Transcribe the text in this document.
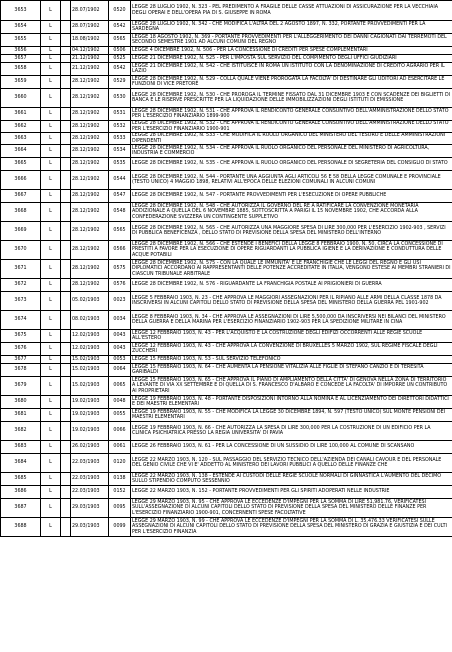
3653	L		28.07/1902	0520	LEGGE 28 LUGLIO 1902, N. 323 - PEL PREDIMENTO A FRAGILE DELLE CASSE ATTUAZIONI DI ASSICURAZIONE PER LA VECCHIAIA DEGLI OPERAI E DELL'OPERA PIA DI S. GIUSEPPE IN ROMA
3654	L		28.07/1902	0542	LEGGE 28 LUGLIO 1902, N. 342 - CHE MODIFICA L'ALTRA DEL 2 AGOSTO 1897, N. 332, PORTANTE PROVVEDIMENTI PER LA SARDEGNA
3655	L		18.08/1902	0565	LEGGE 18 AGOSTO 1902, N. 369 - PORTANTE PROVVEDIMENTI PER L'ALLEGGERIMENTO DEI DANNI CAGIONATI DAI TERREMOTI DEL SECONDO SEMESTRE 1901 AD ALCUNI COMUNI DEL REGNO
3656	L		04.12/1902	0506	LEGGE 4 DICEMBRE 1902, N. 506 - PER LA CONCESSIONE DI CREDITI PER SPESE COMPLEMENTARI
3657	L		21.12/1902	0525	LEGGE 21 DICEMBRE 1902, N. 525 - PER L'IMPOSTA SUL SERVIZIO DEL COMPIMENTO DEGLI UFFICI GIUDIZIARI
3658	L		21.12/1902	0542	LEGGE 21 DICEMBRE 1902, N. 542 - CHE ISTITUISCE IN ROMA UN ISTITUTO CON LA DENOMINAZIONE DI CREDITO AGRARIO PER IL LAZIO
3659	L		28.12/1902	0529	LEGGE 28 DICEMBRE 1902, N. 529 - COLLA QUALE VIENE PROROGATA LA FACOLTA' DI DESTINARE GLI UDITORI AD ESERCITARE LE FUNZIONI DI VICE PRETORE
3660	L		28.12/1902	0530	LEGGE 28 DICEMBRE 1902, N. 530 - CHE PROROGA IL TERMINE FISSATO DAL 31 DICEMBRE 1903 E CON SCADENZE DEI BIGLIETTI DI BANCA E LE RISERVE PRESCRITTE PER LA LIQUIDAZIONE DELLE IMMOBILIZZAZIONI DEGLI ISTITUTI DI EMISSIONE
3661	L		28.12/1902	0531	LEGGE 28 DICEMBRE 1902, N. 531 - CHE APPROVA IL RENDICONTO GENERALE CONSUNTIVO DELL'AMMINISTRAZIONE DELLO STATO PER L'ESERCIZIO FINANZIARIO 1899-900
3662	L		28.12/1902	0532	LEGGE 28 DICEMBRE 1902, N. 532 - CHE APPROVA IL RENDICONTO GENERALE CONSUNTIVO DELL'AMMINISTRAZIONE DELLO STATO PER L'ESERCIZIO FINANZIARIO 1900-901
3663	L		28.12/1902	0533	LEGGE 28 DICEMBRE 1902, N. 533 - CHE MODIFICA IL RUOLO ORGANICO DEL MINISTERO DEL TESORO E DELLE AMMINISTRAZIONI DIPENDENTI
3664	L		28.12/1902	0534	LEGGE 28 DICEMBRE 1902, N. 534 - CHE APPROVA IL RUOLO ORGANICO DEL PERSONALE DEL MINISTERO DI AGRICOLTURA, INDUSTRIA E COMMERCIO
3665	L		28.12/1902	0535	LEGGE 28 DICEMBRE 1902, N. 535 - CHE APPROVA IL RUOLO ORGANICO DEL PERSONALE DI SEGRETERIA DEL CONSIGLIO DI STATO
3666	L		28.12/1902	0544	LEGGE 28 DICEMBRE 1902, N. 544 - PORTANTE UNA AGGIUNTA AGLI ARTICOLI 56 E 58 DELLA LEGGE COMUNALE E PROVINCIALE (TESTO UNICO) 4 MAGGIO 1898, RELATIVI ALL'EPOCA DELLE ELEZIONI COMUNALI IN ALCUNI COMUNI
3667	L		28.12/1902	0547	LEGGE 28 DICEMBRE 1902, N. 547 - PORTANTE PROVVEDIMENTI PER L'ESECUZIONE DI OPERE PUBBLICHE
3668	L		28.12/1902	0548	LEGGE 28 DICEMBRE 1902, N. 548 - CHE AUTORIZZA IL GOVERNO DEL RE A RATIFICARE LA CONVENZIONE MONETARIA ADDIZIONALE A QUELLA DEL 6 NOVEMBRE 1885, SOTTOSCRITTA A PARIGI IL 15 NOVEMBRE 1902, CHE ACCORDA ALLA CONFEDERAZIONE SVIZZERA UN CONTINGENTE SUPPLETIVO
3669	L		28.12/1902	0565	LEGGE 28 DICEMBRE 1902, N. 565 - CHE AUTORIZZA UNA MAGGIORE SPESA DI LIRE 300,000 PER L'ESERCIZIO 1902-903 , SERVIZI DI PUBBLICA BENEFICENZA , DELLO STATO DI PREVISIONE DELLA SPESA DEL MINISTERO DELL'INTERNO
3670	L		28.12/1902	0566	LEGGE 28 DICEMBRE 1902, N. 566 - CHE ESTENDE I BENEFICI DELLA LEGGE 8 FEBBRAIO 1900, N. 50, CIRCA LA CONCESSIONE DI PRESTITI A FAVORE PER LA ESECUZIONE DI OPERE RIGUARDANTI LA PUBBLICA IGIENE E LA DERIVAZIONE E CONDUTTURA DELLE ACQUE POTABILI
3671	L		28.12/1902	0575	LEGGE 28 DICEMBRE 1902, N. 575 - CON LA QUALE LE IMMUNITA' E LE FRANCHIGIE CHE LE LEGGI DEL REGNO E GLI USI DIPLOMATICI ACCORDANO AI RAPPRESENTANTI DELLE POTENZE ACCREDITATE IN ITALIA, VENGONO ESTESE AI MEMBRI STRANIERI DI CIASCUN TRIBUNALE ARBITRALE
3672	L		28.12/1902	0576	LEGGE 28 DICEMBRE 1902, N. 576 - RIGUARDANTE LA FRANCHIGIA POSTALE AI PRIGIONIERI DI GUERRA
3673	L		05.02/1903	0023	LEGGE 5 FEBBRAIO 1903, N. 23 - CHE APPROVA LE MAGGIORI ASSEGNAZIONI PER IL RIPIANO ALLE ARMI DELLA CLASSE 1878 DA INSCRIVERSI IN ALCUNI CAPITOLI DELLO STATO DI PREVISIONE DELLA SPESA DEL MINISTERO DELLA GUERRA PEL 1901-902
3674	L		08.02/1903	0034	LEGGE 8 FEBBRAIO 1903, N. 34 - CHE APPROVA LE ASSEGNAZIONI DI LIRE 5,500,000 DA INSCRIVERSI NEI BILANCI DEL MINISTERO DELLA GUERRA E DELLA MARINA PER L'ESERCIZIO FINANZIARIO 1902-903 PER LA SPEDIZIONE MILITARE IN CINA
3675	L		12.02/1903	0043	LEGGE 12 FEBBRAIO 1903, N. 43 - PER L'ACQUISTO E LA COSTRUZIONE DEGLI EDIFIZI OCCORRENTI ALLE REGIE SCUOLE ALL'ESTERO
3676	L		12.02/1903	0043	LEGGE 12 FEBBRAIO 1903, N. 43 - CHE APPROVA LA CONVENZIONE DI BRUXELLES 5 MARZO 1902, SUL REGIME FISCALE DEGLI ZUCCHERI
3677	L		15.02/1903	0053	LEGGE 15 FEBBRAIO 1903, N. 53 - SUL SERVIZIO TELEFONICO
3678	L		15.02/1903	0064	LEGGE 15 FEBBRAIO 1903, N. 64 - CHE AUMENTA LA PENSIONE VITALIZIA ALLE FIGLIE DI STEFANO CANZIO E DI TERESITA GARIBALDI
3679	L		15.02/1903	0065	LEGGE 15 FEBBRAIO 1903, N. 65 - CHE APPROVA IL PIANO DI AMPLIAMENTO DELLA CITTA' DI GENOVA NELLA ZONA DI TERRITORIO A LEVANTE DI VIA XX SETTEMBRE E DI QUELLA DI S. FRANCESCO D'ALBARO E CONCEDE LA FACOLTA' DI IMPORRE UN CONTRIBUTO AI PROPRIETARI
3680	L		19.02/1903	0048	LEGGE 19 FEBBRAIO 1903, N. 48 - PORTANTE DISPOSIZIONI INTORNO ALLA NOMINA E AL LICENZIAMENTO DEI DIRETTORI DIDATTICI E DEI MAESTRI ELEMENTARI
3681	L		19.02/1903	0055	LEGGE 19 FEBBRAIO 1903, N. 55 - CHE MODIFICA LA LEGGE 30 DICEMBRE 1894, N. 597 (TESTO UNICO) SUL MONTE PENSIONI DEI MAESTRI ELEMENTARI
3682	L		19.02/1903	0066	LEGGE 19 FEBBRAIO 1903, N. 66 - CHE AUTORIZZA LA SPESA DI LIRE 300,000 PER LA COSTRUZIONE DI UN EDIFICIO PER LA CLINICA PSICHIATRICA PRESSO LA REGIA UNIVERSITA' DI PAVIA
3683	L		26.02/1903	0061	LEGGE 26 FEBBRAIO 1903, N. 61 - PER LA CONCESSIONE DI UN SUSSIDIO DI LIRE 100,000 AL COMUNE DI SCANSANO
3684	L		22.03/1903	0120	LEGGE 22 MARZO 1903, N. 120 - SUL PASSAGGIO DEL SERVIZIO TECNICO DELL'AZIENDA DEI CANALI CAVOUR E DEL PERSONALE DEL GENIO CIVILE CHE VI E' ADDETTO AL MINISTERO DEI LAVORI PUBBLICI A QUELLO DELLE FINANZE CHE
3685	L		22.03/1903	0138	LEGGE 22 MARZO 1903, N. 138 - ESTENDE AI CUSTODI DELLE REGIE SCUOLE NORMALI DI GINNASTICA L'AUMENTO DEL DECIMO SULLO STIPENDIO COMPUTO SESSENNIO
3686	L		22.03/1903	0152	LEGGE 22 MARZO 1903, N. 152 - PORTANTE PROVVEDIMENTI PER GLI SPIRITI ADOPERATI NELLE INDUSTRIE
3687	L		29.03/1903	0095	LEGGE 29 MARZO 1903, N. 95 - CHE APPROVA LE ECCEDENZE D'IMPEGNI PER LA SOMMA DI LIRE 51,981.76, VERIFICATESI SULL'ASSEGNAZIONE DI ALCUNI CAPITOLI DELLO STATO DI PREVISIONE DELLA SPESA DEL MINISTERO DELLE FINANZE PER L'ESERCIZIO FINANZIARIO 1900-901, CONCERNENTI SPESE FACOLTATIVE
3688	L		29.03/1903	0099	LEGGE 29 MARZO 1903, N. 99 - CHE APPROVA LE ECCEDENZE D'IMPEGNI PER LA SOMMA DI L. 35,476.33 VERIFICATESI SULLE ASSEGNAZIONI DI ALCUNI CAPITOLI DELLO STATO DI PREVISIONE DELLA SPESA DEL MINISTERO DI GRAZIA E GIUSTIZIA E DEI CULTI PER L'ESERCIZIO FINANZIA
